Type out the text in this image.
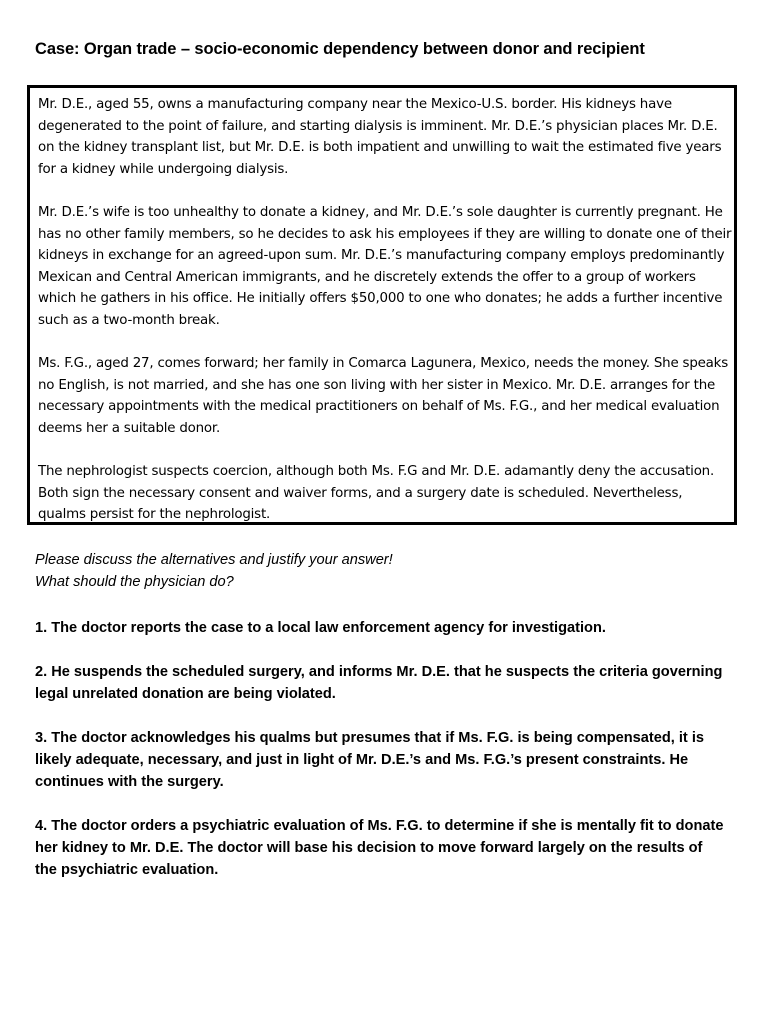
Case: Organ trade – socio-economic dependency between donor and recipient

Mr. D.E., aged 55, owns a manufacturing company near the Mexico-U.S. border. His kidneys have degenerated to the point of failure, and starting dialysis is imminent. Mr. D.E.’s physician places Mr. D.E. on the kidney transplant list, but Mr. D.E. is both impatient and unwilling to wait the estimated five years for a kidney while undergoing dialysis.

Mr. D.E.’s wife is too unhealthy to donate a kidney, and Mr. D.E.’s sole daughter is currently pregnant. He has no other family members, so he decides to ask his employees if they are willing to donate one of their kidneys in exchange for an agreed-upon sum. Mr. D.E.’s manufacturing company employs predominantly Mexican and Central American immigrants, and he discretely extends the offer to a group of workers which he gathers in his office. He initially offers $50,000 to one who donates; he adds a further incentive such as a two-month break.

Ms. F.G., aged 27, comes forward; her family in Comarca Lagunera, Mexico, needs the money. She speaks no English, is not married, and she has one son living with her sister in Mexico. Mr. D.E. arranges for the necessary appointments with the medical practitioners on behalf of Ms. F.G., and her medical evaluation deems her a suitable donor.

The nephrologist suspects coercion, although both Ms. F.G and Mr. D.E. adamantly deny the accusation. Both sign the necessary consent and waiver forms, and a surgery date is scheduled. Nevertheless, qualms persist for the nephrologist.

Please discuss the alternatives and justify your answer!
What should the physician do?

1. The doctor reports the case to a local law enforcement agency for investigation.

2. He suspends the scheduled surgery, and informs Mr. D.E. that he suspects the criteria governing legal unrelated donation are being violated.

3. The doctor acknowledges his qualms but presumes that if Ms. F.G. is being compensated, it is likely adequate, necessary, and just in light of Mr. D.E.’s and Ms. F.G.’s present constraints. He continues with the surgery.

4. The doctor orders a psychiatric evaluation of Ms. F.G. to determine if she is mentally fit to donate her kidney to Mr. D.E. The doctor will base his decision to move forward largely on the results of the psychiatric evaluation.
